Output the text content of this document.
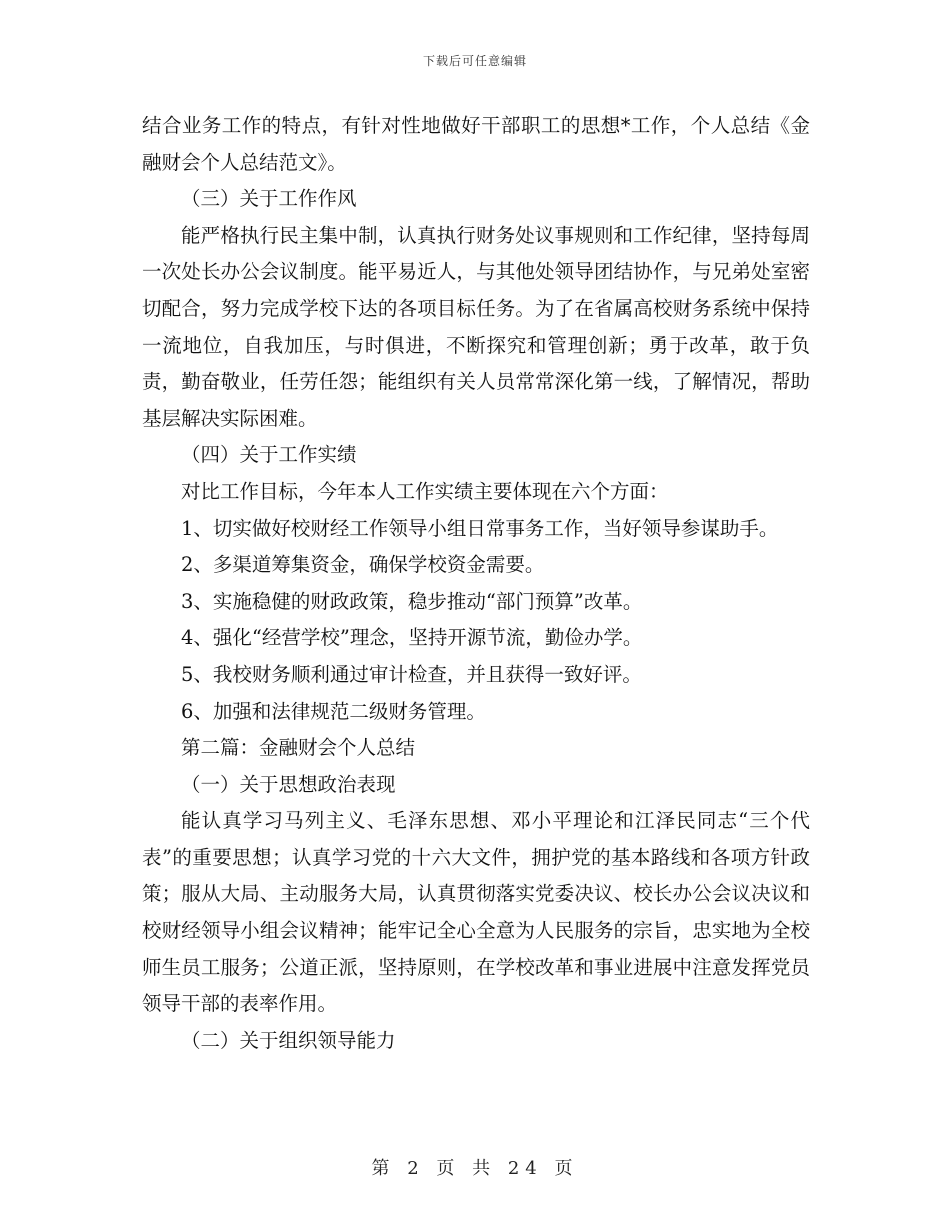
下载后可任意编辑

结合业务工作的特点，有针对性地做好干部职工的思想*工作，个人总结《金融财会个人总结范文》。

（三）关于工作作风

能严格执行民主集中制，认真执行财务处议事规则和工作纪律，坚持每周一次处长办公会议制度。能平易近人，与其他处领导团结协作，与兄弟处室密切配合，努力完成学校下达的各项目标任务。为了在省属高校财务系统中保持一流地位，自我加压，与时俱进，不断探究和管理创新；勇于改革，敢于负责，勤奋敬业，任劳任怨；能组织有关人员常常深化第一线，了解情况，帮助基层解决实际困难。

（四）关于工作实绩

对比工作目标，今年本人工作实绩主要体现在六个方面：

1、切实做好校财经工作领导小组日常事务工作，当好领导参谋助手。

2、多渠道筹集资金，确保学校资金需要。

3、实施稳健的财政政策，稳步推动“部门预算”改革。

4、强化“经营学校”理念，坚持开源节流，勤俭办学。

5、我校财务顺利通过审计检查，并且获得一致好评。

6、加强和法律规范二级财务管理。

第二篇：金融财会个人总结

（一）关于思想政治表现

能认真学习马列主义、毛泽东思想、邓小平理论和江泽民同志“三个代表”的重要思想；认真学习党的十六大文件，拥护党的基本路线和各项方针政策；服从大局、主动服务大局，认真贯彻落实党委决议、校长办公会议决议和校财经领导小组会议精神；能牢记全心全意为人民服务的宗旨，忠实地为全校师生员工服务；公道正派，坚持原则，在学校改革和事业进展中注意发挥党员领导干部的表率作用。

（二）关于组织领导能力

第 2 页 共 24 页
